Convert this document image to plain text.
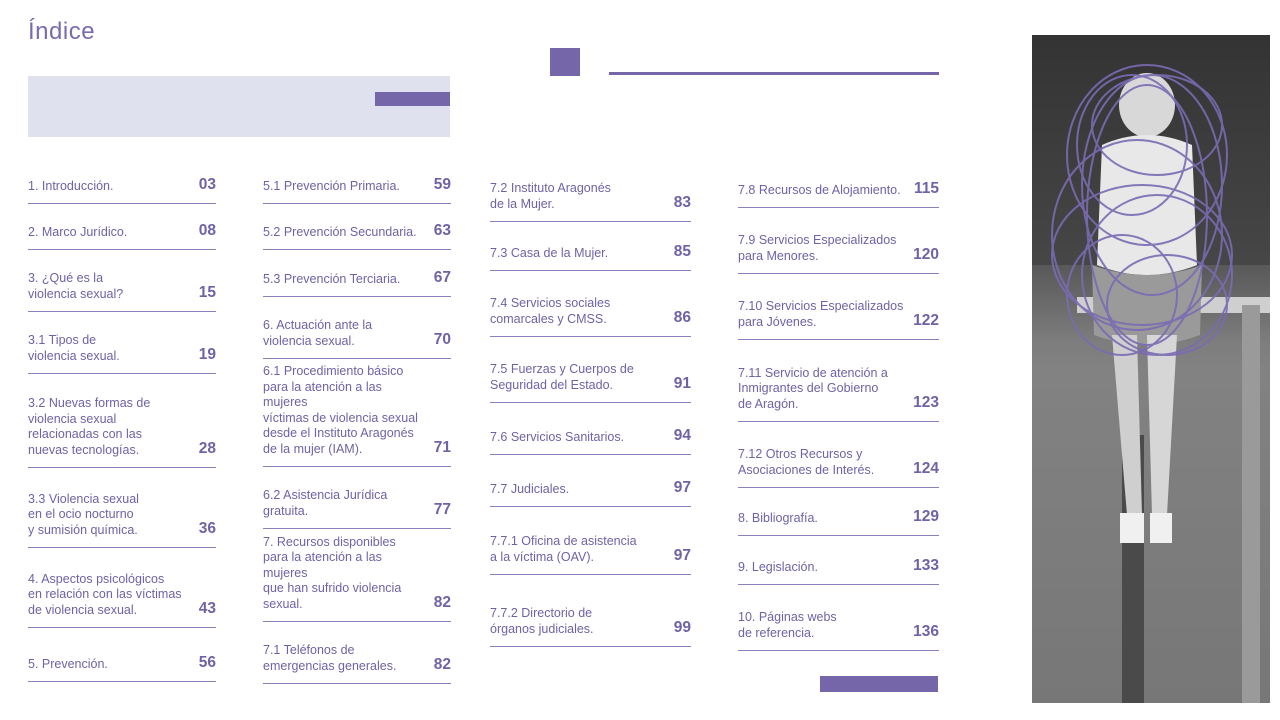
Índice
1. Introducción.	03
2. Marco Jurídico.	08
3. ¿Qué es la
violencia sexual?	15
3.1 Tipos de
violencia sexual.	19
3.2 Nuevas formas de
violencia sexual
relacionadas con las
nuevas tecnologías.	28
3.3 Violencia sexual
en el ocio nocturno
y sumisión química.	36
4. Aspectos psicológicos
en relación con las víctimas
de violencia sexual.	43
5. Prevención.	56
5.1 Prevención Primaria. 59
5.2 Prevención Secundaria. 63
5.3 Prevención Terciaria. 67
6. Actuación ante la
violencia sexual.	70
6.1 Procedimiento básico
para la atención a las mujeres
víctimas de violencia sexual
desde el Instituto Aragonés
de la mujer (IAM).	71
6.2 Asistencia Jurídica
gratuita.	77
7. Recursos disponibles
para la atención a las mujeres
que han sufrido violencia
sexual.	82
7.1 Teléfonos de
emergencias generales. 82
7.2 Instituto Aragonés
de la Mujer.	83
7.3 Casa de la Mujer.	85
7.4 Servicios sociales
comarcales y CMSS.	86
7.5 Fuerzas y Cuerpos de
Seguridad del Estado.	91
7.6 Servicios Sanitarios.	94
7.7 Judiciales.	97
7.7.1 Oficina de asistencia
a la víctima (OAV).	97
7.7.2 Directorio de
órganos judiciales.	99
7.8 Recursos de Alojamiento. 115
7.9 Servicios Especializados
para Menores.	120
7.10 Servicios Especializados
para Jóvenes.	122
7.11 Servicio de atención a
Inmigrantes del Gobierno
de Aragón.	123
7.12 Otros Recursos y
Asociaciones de Interés.	124
8. Bibliografía.	129
9. Legislación.	133
10. Páginas webs
de referencia.	136
